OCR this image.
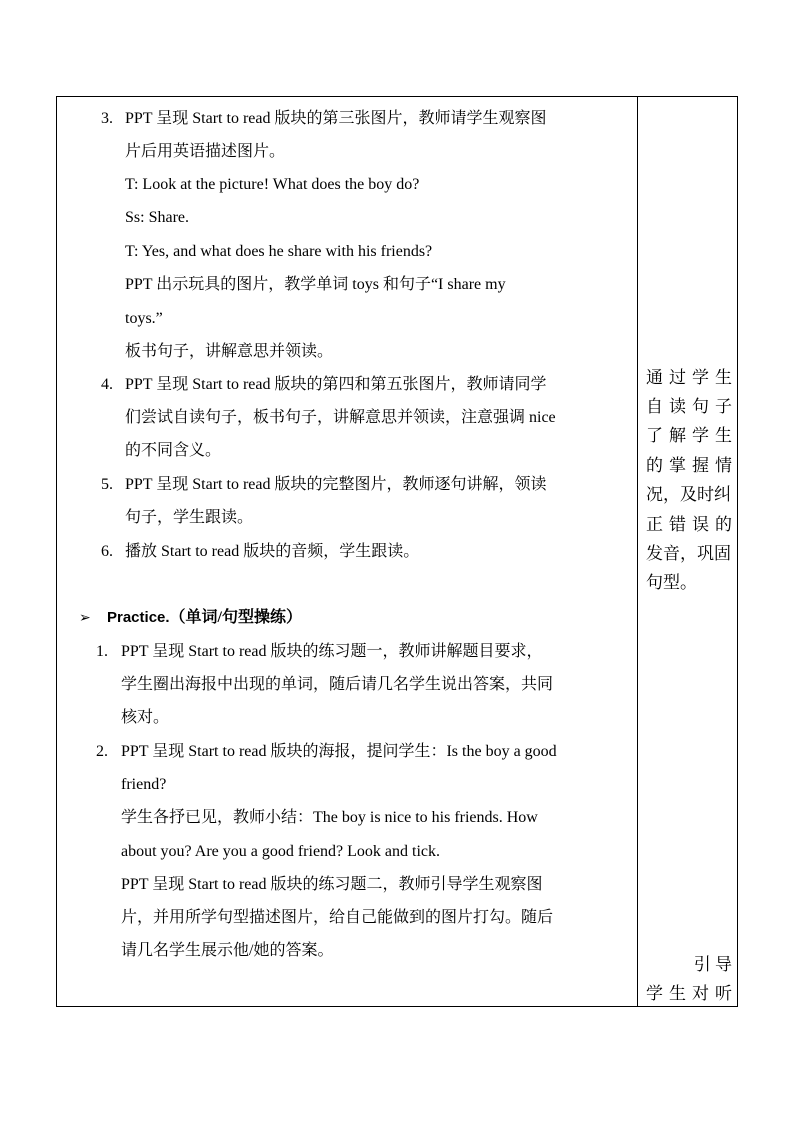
3. PPT 呈现 Start to read 版块的第三张图片，教师请学生观察图
片后用英语描述图片。
T: Look at the picture! What does the boy do?
Ss: Share.
T: Yes, and what does he share with his friends?
PPT 出示玩具的图片，教学单词 toys 和句子“I share my
toys.”
板书句子，讲解意思并领读。
4. PPT 呈现 Start to read 版块的第四和第五张图片，教师请同学
们尝试自读句子，板书句子，讲解意思并领读，注意强调 nice
的不同含义。
5. PPT 呈现 Start to read 版块的完整图片，教师逐句讲解，领读
句子，学生跟读。
6. 播放 Start to read 版块的音频，学生跟读。
➢ Practice.（单词/句型操练）
1. PPT 呈现 Start to read 版块的练习题一，教师讲解题目要求，
学生圈出海报中出现的单词，随后请几名学生说出答案，共同
核对。
2. PPT 呈现 Start to read 版块的海报，提问学生：Is the boy a good
friend?
学生各抒已见，教师小结：The boy is nice to his friends. How
about you? Are you a good friend? Look and tick.
PPT 呈现 Start to read 版块的练习题二，教师引导学生观察图
片，并用所学句型描述图片，给自己能做到的图片打勾。随后
请几名学生展示他/她的答案。
通 过 学 生
自 读 句 子
了 解 学 生
的 掌 握 情
况，及时纠
正 错 误 的
发音，巩固
句型。
引 导
学 生 对 听
